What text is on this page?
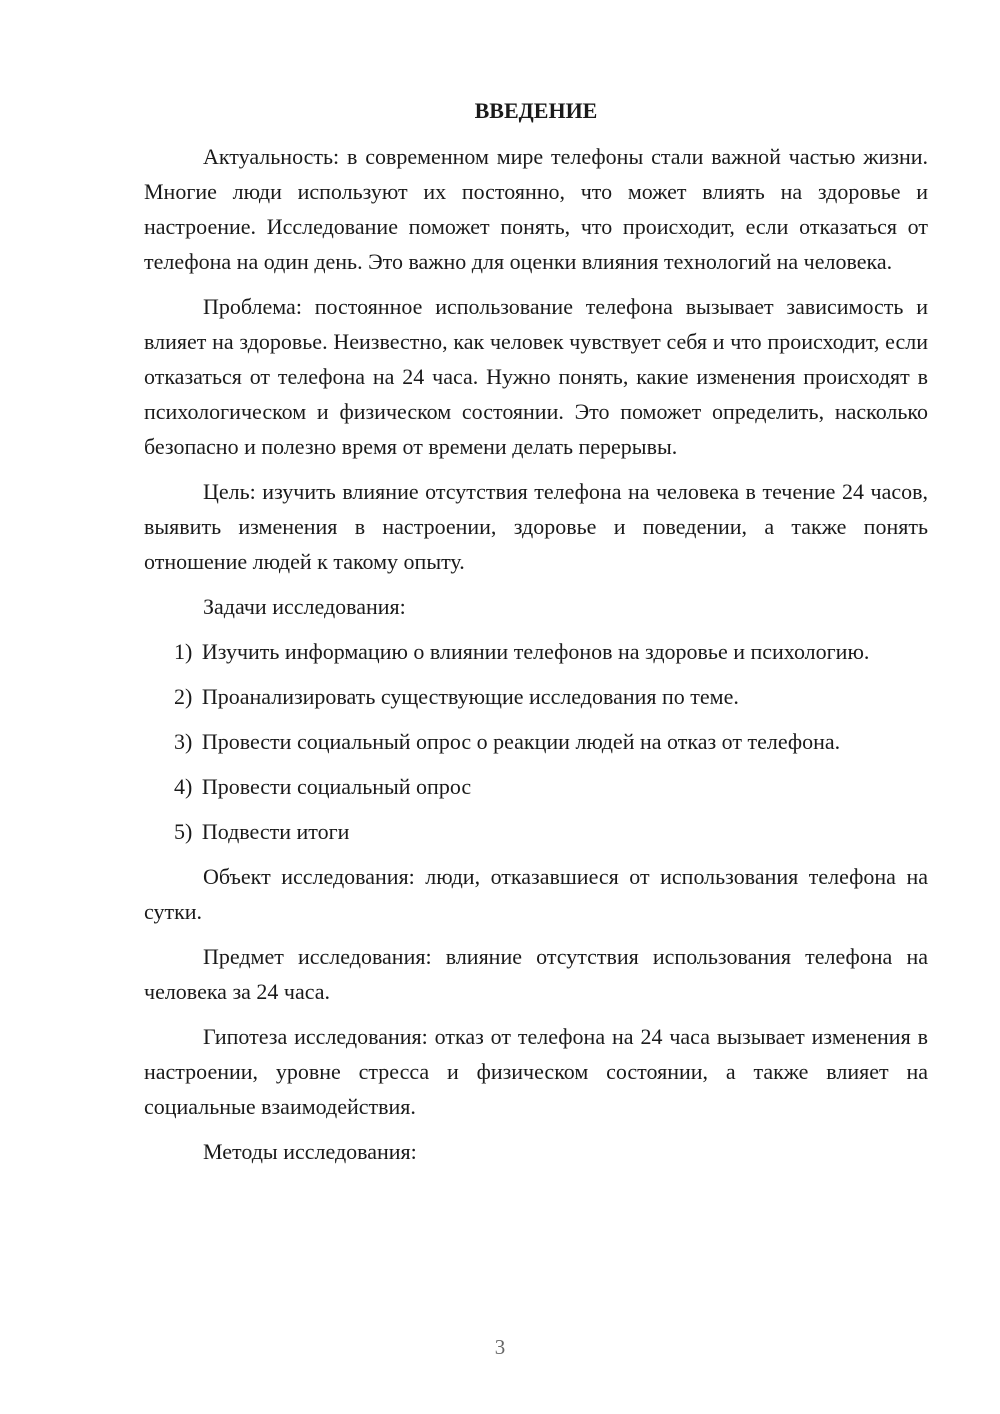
ВВЕДЕНИЕ

Актуальность: в современном мире телефоны стали важной частью жизни. Многие люди используют их постоянно, что может влиять на здоровье и настроение. Исследование поможет понять, что происходит, если отказаться от телефона на один день. Это важно для оценки влияния технологий на человека.

Проблема: постоянное использование телефона вызывает зависимость и влияет на здоровье. Неизвестно, как человек чувствует себя и что происходит, если отказаться от телефона на 24 часа. Нужно понять, какие изменения происходят в психологическом и физическом состоянии. Это поможет определить, насколько безопасно и полезно время от времени делать перерывы.

Цель: изучить влияние отсутствия телефона на человека в течение 24 часов, выявить изменения в настроении, здоровье и поведении, а также понять отношение людей к такому опыту.

Задачи исследования:

1) Изучить информацию о влиянии телефонов на здоровье и психологию.

2) Проанализировать существующие исследования по теме.

3) Провести социальный опрос о реакции людей на отказ от телефона.

4) Провести социальный опрос

5) Подвести итоги

Объект исследования: люди, отказавшиеся от использования телефона на сутки.

Предмет исследования: влияние отсутствия использования телефона на человека за 24 часа.

Гипотеза исследования: отказ от телефона на 24 часа вызывает изменения в настроении, уровне стресса и физическом состоянии, а также влияет на социальные взаимодействия.

Методы исследования:

3
